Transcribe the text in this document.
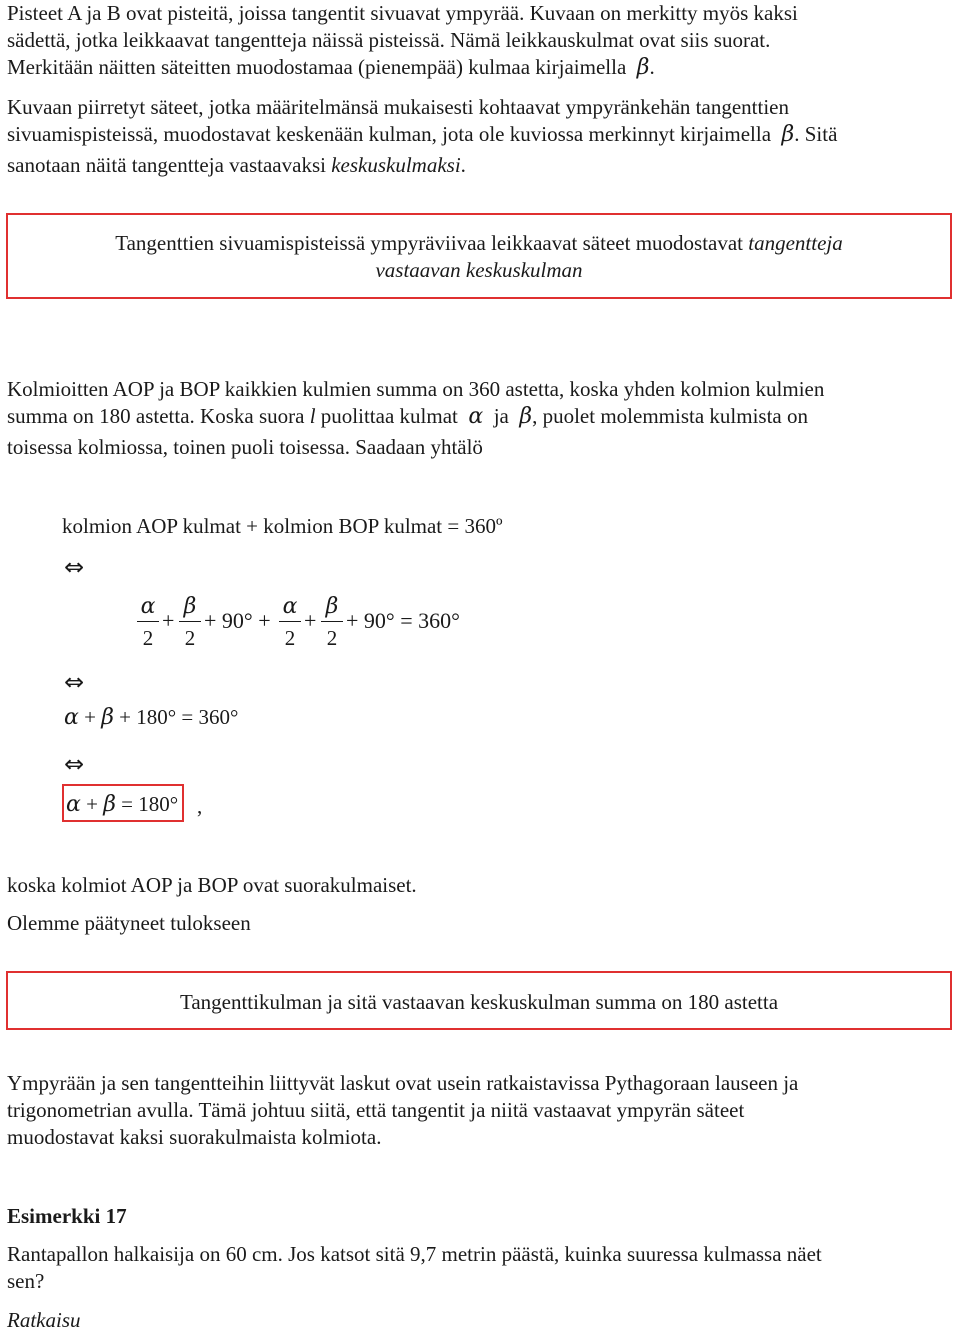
Pisteet A ja B ovat pisteitä, joissa tangentit sivuavat ympyrää. Kuvaan on merkitty myös kaksi
sädettä, jotka leikkaavat tangentteja näissä pisteissä. Nämä leikkauskulmat ovat siis suorat.
Merkitään näitten säteitten muodostamaa (pienempää) kulmaa kirjaimella β.
Kuvaan piirretyt säteet, jotka määritelmänsä mukaisesti kohtaavat ympyränkehän tangenttien
sivuamispisteissä, muodostavat keskenään kulman, jota ole kuviossa merkinnyt kirjaimella β. Sitä
sanotaan näitä tangentteja vastaavaksi keskuskulmaksi.
Tangenttien sivuamispisteissä ympyräviivaa leikkaavat säteet muodostavat tangentteja
vastaavan keskuskulman
Kolmioitten AOP ja BOP kaikkien kulmien summa on 360 astetta, koska yhden kolmion kulmien
summa on 180 astetta. Koska suora l puolittaa kulmat α ja β, puolet molemmista kulmista on
toisessa kolmiossa, toinen puoli toisessa. Saadaan yhtälö
kolmion AOP kulmat + kolmion BOP kulmat = 360º
⇔
α
2
+
β
2
+ 90° +
α
2
+
β
2
+ 90° = 360°
⇔
α + β + 180° = 360°
⇔
α + β = 180° ,
koska kolmiot AOP ja BOP ovat suorakulmaiset.
Olemme päätyneet tulokseen
Tangenttikulman ja sitä vastaavan keskuskulman summa on 180 astetta
Ympyrään ja sen tangentteihin liittyvät laskut ovat usein ratkaistavissa Pythagoraan lauseen ja
trigonometrian avulla. Tämä johtuu siitä, että tangentit ja niitä vastaavat ympyrän säteet
muodostavat kaksi suorakulmaista kolmiota.
Esimerkki 17
Rantapallon halkaisija on 60 cm. Jos katsot sitä 9,7 metrin päästä, kuinka suuressa kulmassa näet
sen?
Ratkaisu
